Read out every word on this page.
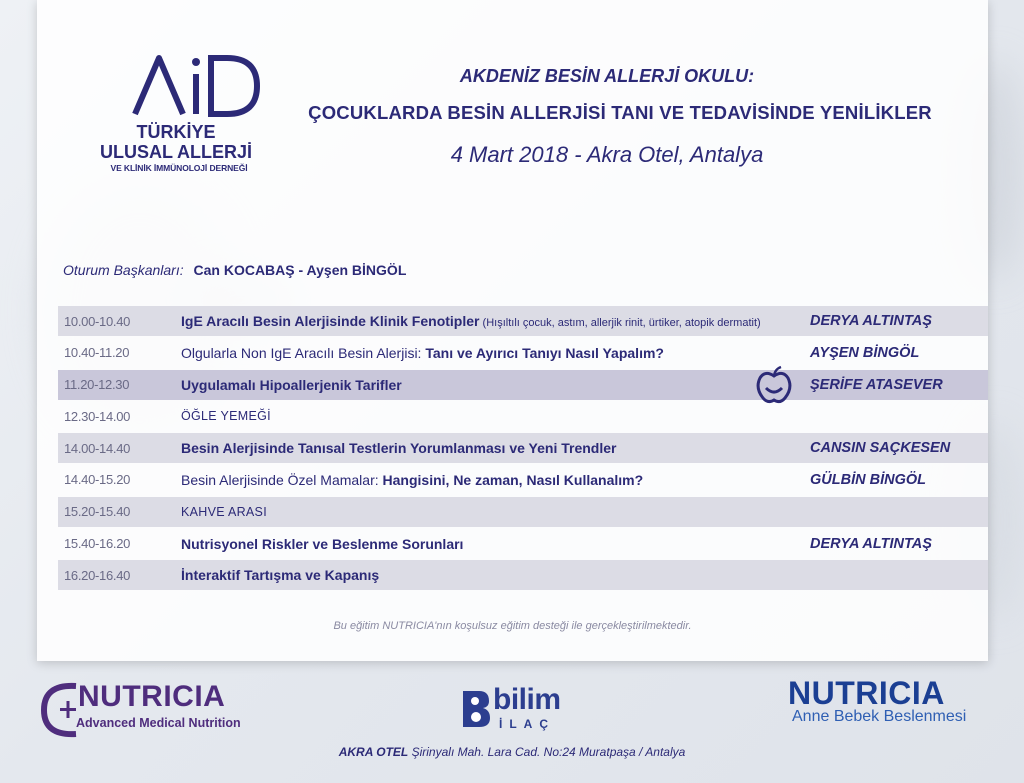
TÜRKİYE
ULUSAL ALLERJİ
VE KLİNİK İMMÜNOLOJİ DERNEĞİ
AKDENİZ BESİN ALLERJİ OKULU:
ÇOCUKLARDA BESİN ALLERJİSİ TANI VE TEDAVİSİNDE YENİLİKLER
4 Mart 2018 - Akra Otel, Antalya
Oturum Başkanları: Can KOCABAŞ - Ayşen BİNGÖL
10.00-10.40	IgE Aracılı Besin Alerjisinde Klinik Fenotipler (Hışıltılı çocuk, astım, allerjik rinit, ürtiker, atopik dermatit)	DERYA ALTINTAŞ
10.40-11.20	Olgularla Non IgE Aracılı Besin Alerjisi: Tanı ve Ayırıcı Tanıyı Nasıl Yapalım?	AYŞEN BİNGÖL
11.20-12.30	Uygulamalı Hipoallerjenik Tarifler	ŞERİFE ATASEVER
12.30-14.00	ÖĞLE YEMEĞİ
14.00-14.40	Besin Alerjisinde Tanısal Testlerin Yorumlanması ve Yeni Trendler	CANSIN SAÇKESEN
14.40-15.20	Besin Alerjisinde Özel Mamalar: Hangisini, Ne zaman, Nasıl Kullanalım?	GÜLBİN BİNGÖL
15.20-15.40	KAHVE ARASI
15.40-16.20	Nutrisyonel Riskler ve Beslenme Sorunları	DERYA ALTINTAŞ
16.20-16.40	İnteraktif Tartışma ve Kapanış
Bu eğitim NUTRICIA'nın koşulsuz eğitim desteği ile gerçekleştirilmektedir.
NUTRICIA
Advanced Medical Nutrition
bilim
İLAÇ
NUTRICIA
Anne Bebek Beslenmesi
AKRA OTEL Şirinyalı Mah. Lara Cad. No:24 Muratpaşa / Antalya
